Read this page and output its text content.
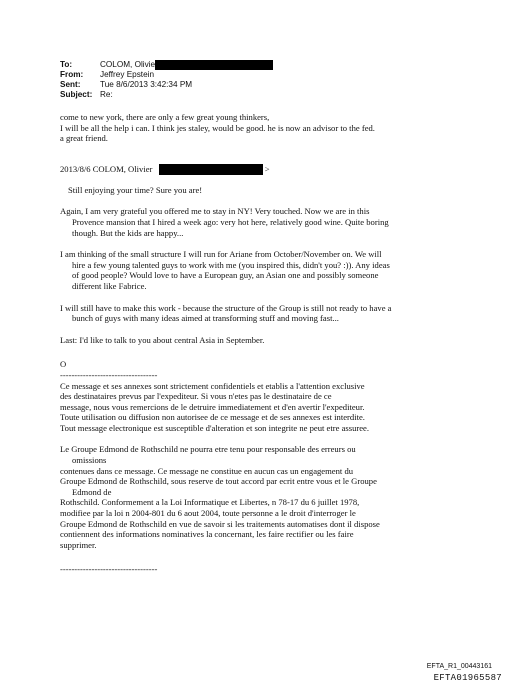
To:	COLOM, Olivie
From:	Jeffrey Epstein
Sent:	Tue 8/6/2013 3:42:34 PM
Subject: Re:

come to new york, there are only a few great young thinkers,

I will be all the help i can. I think jes staley, would be good. he is now an advisor to the fed.

a great friend.

2013/8/6 COLOM, Olivier	>

Still enjoying your time? Sure you are!

Again, I am very grateful you offered me to stay in NY! Very touched. Now we are in this

Provence mansion that I hired a week ago: very hot here, relatively good wine. Quite boring

though. But the kids are happy...

I am thinking of the small structure I will run for Ariane from October/November on. We will

hire a few young talented guys to work with me (you inspired this, didn't you? :)). Any ideas

of good people? Would love to have a European guy, an Asian one and possibly someone

different like Fabrice.

I will still have to make this work - because the structure of the Group is still not ready to have a

bunch of guys with many ideas aimed at transforming stuff and moving fast...

Last: I'd like to talk to you about central Asia in September.

O

----------------------------------

Ce message et ses annexes sont strictement confidentiels et etablis a l'attention exclusive

des destinataires prevus par l'expediteur. Si vous n'etes pas le destinataire de ce

message, nous vous remercions de le detruire immediatement et d'en avertir l'expediteur.

Toute utilisation ou diffusion non autorisee de ce message et de ses annexes est interdite.

Tout message electronique est susceptible d'alteration et son integrite ne peut etre assuree.

Le Groupe Edmond de Rothschild ne pourra etre tenu pour responsable des erreurs ou

omissions

contenues dans ce message. Ce message ne constitue en aucun cas un engagement du

Groupe Edmond de Rothschild, sous reserve de tout accord par ecrit entre vous et le Groupe

Edmond de

Rothschild. Conformement a la Loi Informatique et Libertes, n 78-17 du 6 juillet 1978,

modifiee par la loi n 2004-801 du 6 aout 2004, toute personne a le droit d'interroger le

Groupe Edmond de Rothschild en vue de savoir si les traitements automatises dont il dispose

contiennent des informations nominatives la concernant, les faire rectifier ou les faire

supprimer.

----------------------------------

EFTA_R1_00443161
EFTA01965587
